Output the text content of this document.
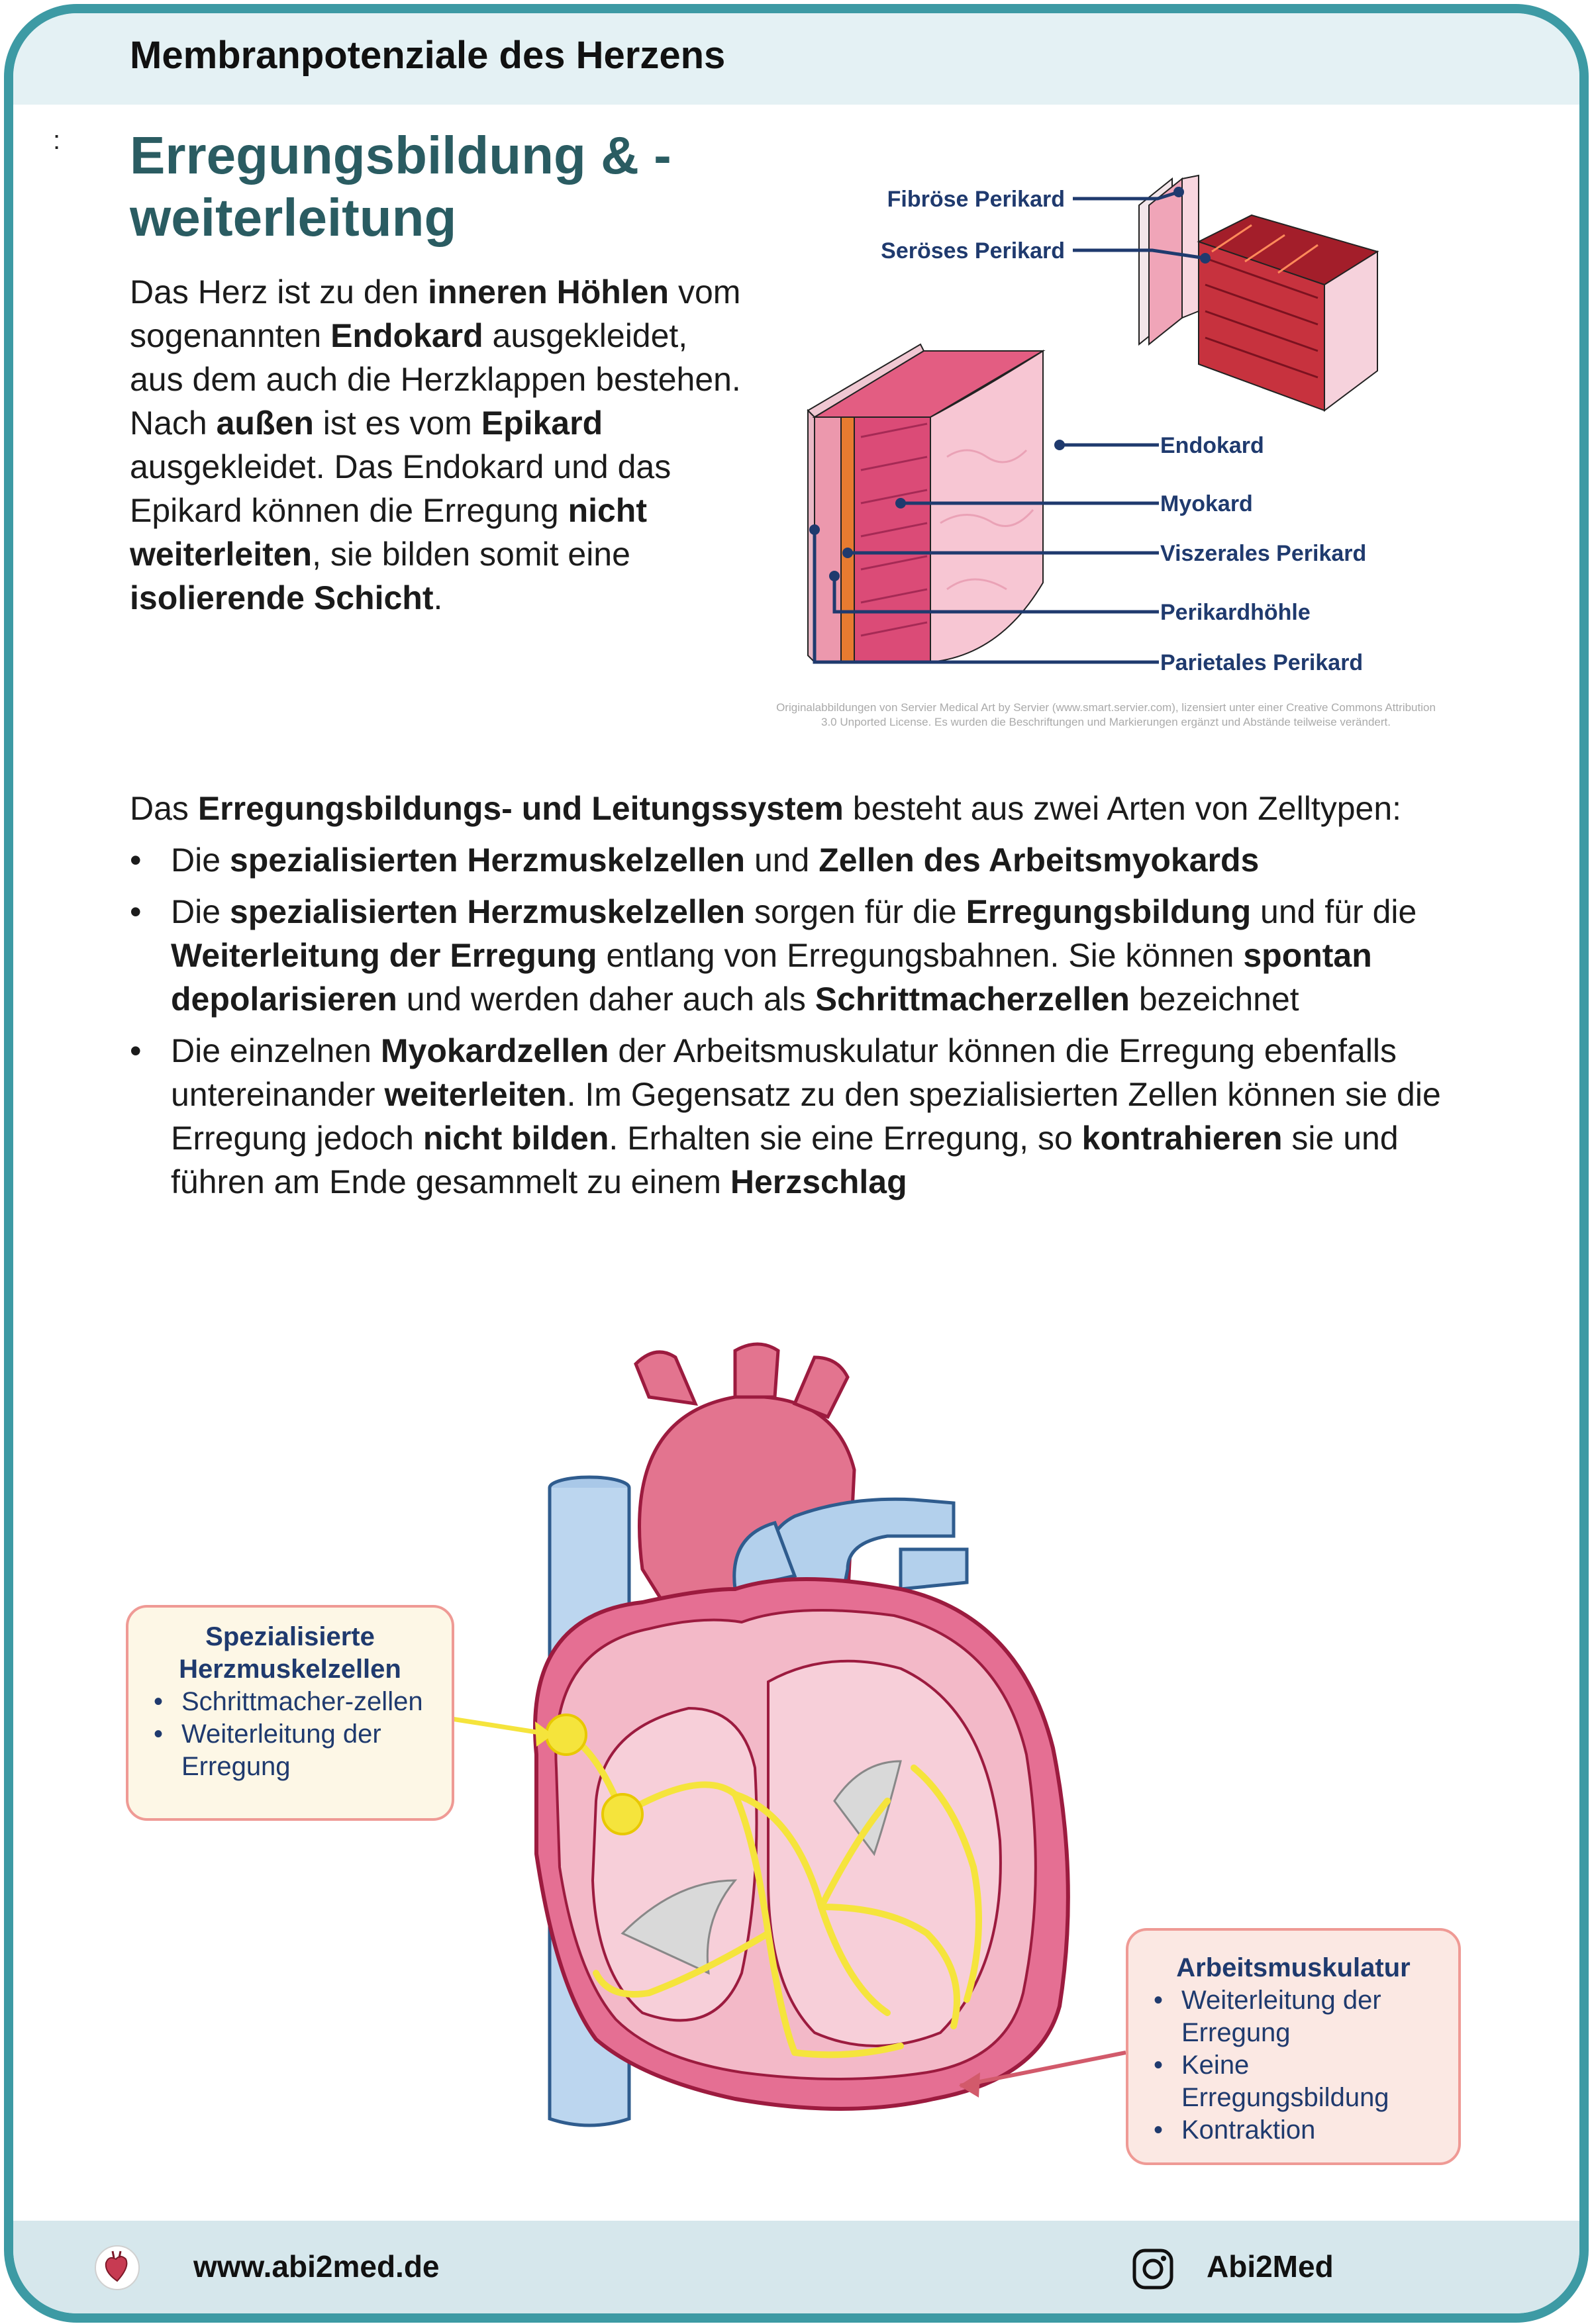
Membranpotenziale des Herzens
: Erregungsbildung & -
weiterleitung
Das Herz ist zu den inneren Höhlen vom sogenannten Endokard ausgekleidet, aus dem auch die Herzklappen bestehen. Nach außen ist es vom Epikard ausgekleidet. Das Endokard und das Epikard können die Erregung nicht weiterleiten, sie bilden somit eine isolierende Schicht.
Fibröse Perikard
Seröses Perikard
Endokard
Myokard
Viszerales Perikard
Perikardhöhle
Parietales Perikard
Originalabbildungen von Servier Medical Art by Servier (www.smart.servier.com), lizensiert unter einer Creative Commons Attribution 3.0 Unported License. Es wurden die Beschriftungen und Markierungen ergänzt und Abstände teilweise verändert.

Das Erregungsbildungs- und Leitungssystem besteht aus zwei Arten von Zelltypen:

• Die spezialisierten Herzmuskelzellen und Zellen des Arbeitsmyokards
• Die spezialisierten Herzmuskelzellen sorgen für die Erregungsbildung und für die Weiterleitung der Erregung entlang von Erregungsbahnen. Sie können spontan depolarisieren und werden daher auch als Schrittmacherzellen bezeichnet
• Die einzelnen Myokardzellen der Arbeitsmuskulatur können die Erregung ebenfalls untereinander weiterleiten. Im Gegensatz zu den spezialisierten Zellen können sie die Erregung jedoch nicht bilden. Erhalten sie eine Erregung, so kontrahieren sie und führen am Ende gesammelt zu einem Herzschlag
Spezialisierte Herzmuskelzellen
• Schrittmacher-zellen
• Weiterleitung der Erregung
Arbeitsmuskulatur
• Weiterleitung der Erregung
• Keine Erregungsbildung
• Kontraktion
www.abi2med.de	Abi2Med
